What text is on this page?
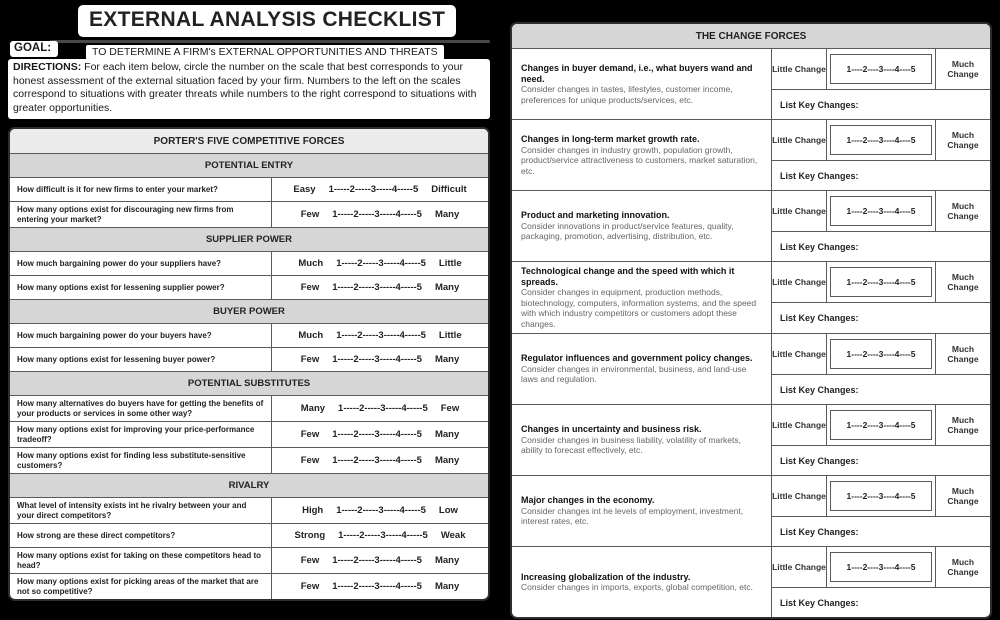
EXTERNAL ANALYSIS CHECKLIST
GOAL:	TO DETERMINE A FIRM's EXTERNAL OPPORTUNITIES AND THREATS

DIRECTIONS: For each item below, circle the number on the scale that best corresponds to your honest assessment of the external situation faced by your firm. Numbers to the left on the scales correspond to situations with greater threats while numbers to the right correspond to situations with greater opportunities.

PORTER'S FIVE COMPETITIVE FORCES
POTENTIAL ENTRY
How difficult is it for new firms to enter your market?	Easy 1-----2-----3-----4-----5 Difficult
How many options exist for discouraging new firms from entering your market?	Few 1-----2-----3-----4-----5 Many
SUPPLIER POWER
How much bargaining power do your suppliers have?	Much 1-----2-----3-----4-----5 Little
How many options exist for lessening supplier power?	Few 1-----2-----3-----4-----5 Many
BUYER POWER
How much bargaining power do your buyers have?	Much 1-----2-----3-----4-----5 Little
How many options exist for lessening buyer power?	Few 1-----2-----3-----4-----5 Many
POTENTIAL SUBSTITUTES
How many alternatives do buyers have for getting the benefits of your products or services in some other way?	Many 1-----2-----3-----4-----5 Few
How many options exist for improving your price-performance tradeoff?	Few 1-----2-----3-----4-----5 Many
How many options exist for finding less substitute-sensitive customers?	Few 1-----2-----3-----4-----5 Many
RIVALRY
What level of intensity exists int he rivalry between your and your direct competitors?	High 1-----2-----3-----4-----5 Low
How strong are these direct competitors?	Strong 1-----2-----3-----4-----5 Weak
How many options exist for taking on these competitors head to head?	Few 1-----2-----3-----4-----5 Many
How many options exist for picking areas of the market that are not so competitive?	Few 1-----2-----3-----4-----5 Many
THE CHANGE FORCES
Changes in buyer demand, i.e., what buyers wand and need.
Consider changes in tastes, lifestyles, customer income, preferences for unique products/services, etc.
Little Change	1----2----3----4----5	Much Change
List Key Changes:
Changes in long-term market growth rate.
Consider changes in industry growth, population growth, product/service attractiveness to customers, market saturation, etc.
Little Change	1----2----3----4----5	Much Change
List Key Changes:
Product and marketing innovation.
Consider innovations in product/service features, quality, packaging, promotion, advertising, distribution, etc.
Little Change	1----2----3----4----5	Much Change
List Key Changes:
Technological change and the speed with which it spreads.
Consider changes in equipment, production methods, biotechnology, computers, information systems, and the speed with which industry competitors or customers adopt these changes.
Little Change	1----2----3----4----5	Much Change
List Key Changes:
Regulator influences and government policy changes.
Consider changes in environmental, business, and land-use laws and regulation.
Little Change	1----2----3----4----5	Much Change
List Key Changes:
Changes in uncertainty and business risk.
Consider changes in business liability, volatility of markets, ability to forecast effectively, etc.
Little Change	1----2----3----4----5	Much Change
List Key Changes:
Major changes in the economy.
Consider changes int he levels of employment, investment, interest rates, etc.
Little Change	1----2----3----4----5	Much Change
List Key Changes:
Increasing globalization of the industry.
Consider changes in imports, exports, global competition, etc.
Little Change	1----2----3----4----5	Much Change
List Key Changes:
